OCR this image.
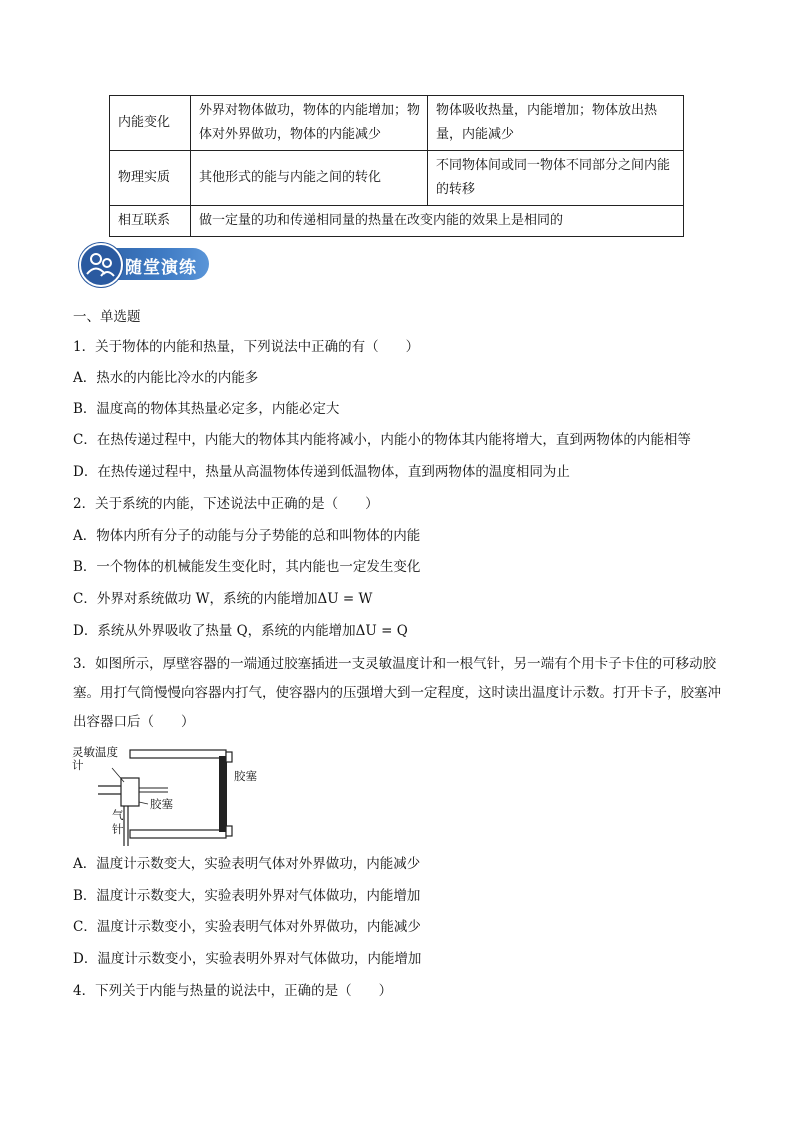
内能变化	外界对物体做功，物体的内能增加；物体对外界做功，物体的内能减少	物体吸收热量，内能增加；物体放出热量，内能减少
物理实质	其他形式的能与内能之间的转化	不同物体间或同一物体不同部分之间内能的转移
相互联系	做一定量的功和传递相同量的热量在改变内能的效果上是相同的	
随堂演练
一、单选题
1．关于物体的内能和热量，下列说法中正确的有（　　）
A．热水的内能比冷水的内能多
B．温度高的物体其热量必定多，内能必定大
C．在热传递过程中，内能大的物体其内能将减小，内能小的物体其内能将增大，直到两物体的内能相等
D．在热传递过程中，热量从高温物体传递到低温物体，直到两物体的温度相同为止
2．关于系统的内能，下述说法中正确的是（　　）
A．物体内所有分子的动能与分子势能的总和叫物体的内能
B．一个物体的机械能发生变化时，其内能也一定发生变化
C．外界对系统做功 W，系统的内能增加ΔU = W
D．系统从外界吸收了热量 Q，系统的内能增加ΔU = Q
3．如图所示，厚壁容器的一端通过胶塞插进一支灵敏温度计和一根气针，另一端有个用卡子卡住的可移动胶塞。用打气筒慢慢向容器内打气，使容器内的压强增大到一定程度，这时读出温度计示数。打开卡子，胶塞冲出容器口后（　　）
灵敏温度计
胶塞
胶塞
气针
A．温度计示数变大，实验表明气体对外界做功，内能减少
B．温度计示数变大，实验表明外界对气体做功，内能增加
C．温度计示数变小，实验表明气体对外界做功，内能减少
D．温度计示数变小，实验表明外界对气体做功，内能增加
4．下列关于内能与热量的说法中，正确的是（　　）
